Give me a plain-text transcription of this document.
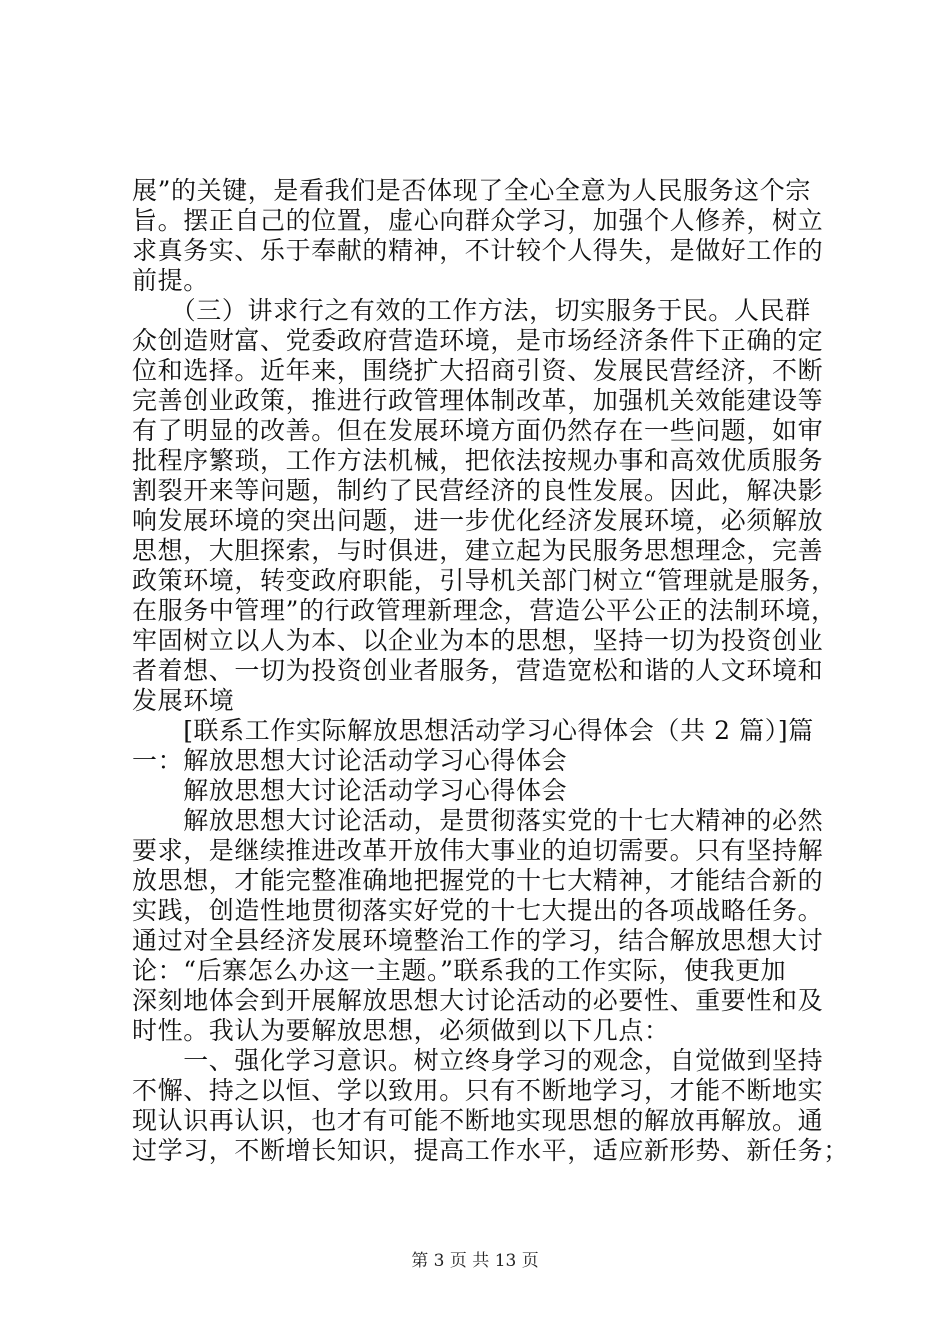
展”的关键，是看我们是否体现了全心全意为人民服务这个宗
旨。摆正自己的位置，虚心向群众学习，加强个人修养，树立
求真务实、乐于奉献的精神，不计较个人得失，是做好工作的
前提。
　　（三）讲求行之有效的工作方法，切实服务于民。人民群
众创造财富、党委政府营造环境，是市场经济条件下正确的定
位和选择。近年来，围绕扩大招商引资、发展民营经济，不断
完善创业政策，推进行政管理体制改革，加强机关效能建设等
有了明显的改善。但在发展环境方面仍然存在一些问题，如审
批程序繁琐，工作方法机械，把依法按规办事和高效优质服务
割裂开来等问题，制约了民营经济的良性发展。因此，解决影
响发展环境的突出问题，进一步优化经济发展环境，必须解放
思想，大胆探索，与时俱进，建立起为民服务思想理念，完善
政策环境，转变政府职能，引导机关部门树立“管理就是服务，
在服务中管理”的行政管理新理念，营造公平公正的法制环境，
牢固树立以人为本、以企业为本的思想，坚持一切为投资创业
者着想、一切为投资创业者服务，营造宽松和谐的人文环境和
发展环境
　　[联系工作实际解放思想活动学习心得体会（共 2 篇）]篇
一：解放思想大讨论活动学习心得体会
　　解放思想大讨论活动学习心得体会
　　解放思想大讨论活动，是贯彻落实党的十七大精神的必然
要求，是继续推进改革开放伟大事业的迫切需要。只有坚持解
放思想，才能完整准确地把握党的十七大精神，才能结合新的
实践，创造性地贯彻落实好党的十七大提出的各项战略任务。
通过对全县经济发展环境整治工作的学习，结合解放思想大讨
论：“后寨怎么办这一主题。”联系我的工作实际，使我更加
深刻地体会到开展解放思想大讨论活动的必要性、重要性和及
时性。我认为要解放思想，必须做到以下几点：
　　一、强化学习意识。树立终身学习的观念，自觉做到坚持
不懈、持之以恒、学以致用。只有不断地学习，才能不断地实
现认识再认识，也才有可能不断地实现思想的解放再解放。通
过学习，不断增长知识，提高工作水平，适应新形势、新任务；
第 3 页 共 13 页
